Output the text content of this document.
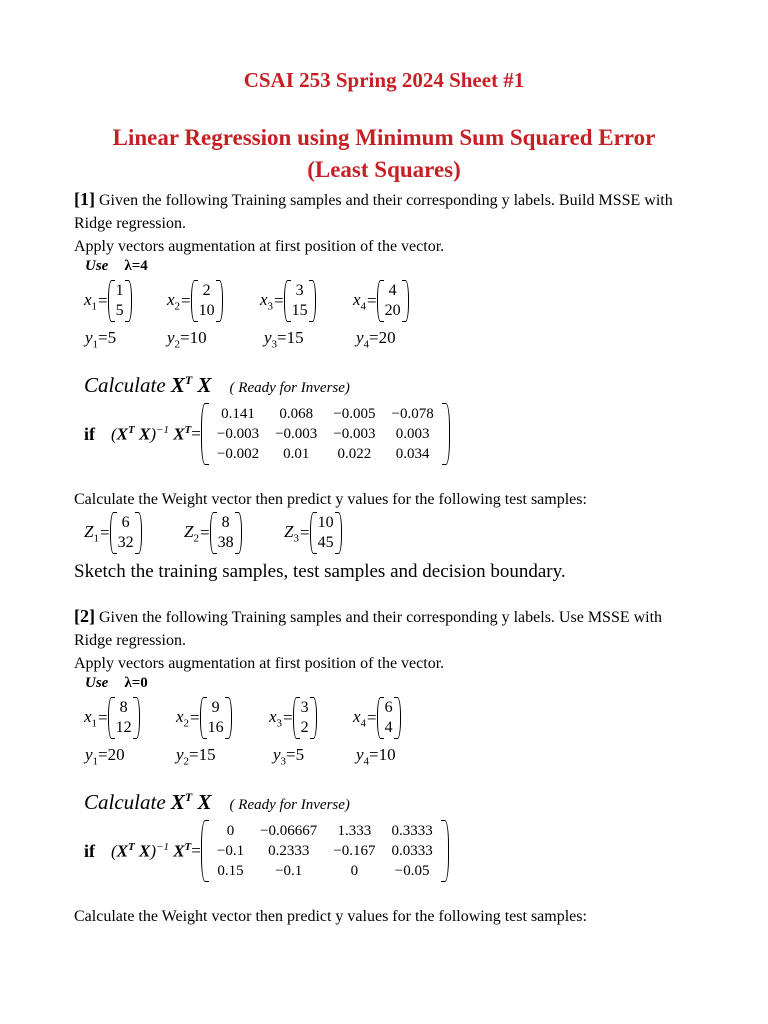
CSAI 253 Spring 2024 Sheet #1
Linear Regression using Minimum Sum Squared Error
(Least Squares)
[1] Given the following Training samples and their corresponding y labels. Build MSSE with Ridge regression.
Apply vectors augmentation at first position of the vector.
Use λ=4
$x_1$ =
1
5
$x_2$ =
2
10
$x_3$ =
3
15
$x_4$ =
4
20
$y_1=5$	$y_2=10$	$y_3=15$	$y_4=20$
Calculate $X^T$ X ( Ready for Inverse)
if ($X^T$ X)$^{-1}$ $X^T$ =
0.141	0.068	−0.005	−0.078
−0.003	−0.003	−0.003	0.003
−0.002	0.01	0.022	0.034
Calculate the Weight vector then predict y values for the following test samples:
$Z_1$ =
6
32
$Z_2$ =
8
38
$Z_3$ =
10
45
Sketch the training samples, test samples and decision boundary.
[2] Given the following Training samples and their corresponding y labels. Use MSSE with Ridge regression.
Apply vectors augmentation at first position of the vector.
Use λ=0
$x_1$ =
8
12
$x_2$ =
9
16
$x_3$ =
3
2
$x_4$ =
6
4
$y_1=20$	$y_2=15$	$y_3=5$	$y_4=10$
Calculate $X^T$ X ( Ready for Inverse)
if ($X^T$ X)$^{-1}$ $X^T$ =
0	−0.06667	1.333	0.3333
−0.1	0.2333	−0.167	0.0333
0.15	−0.1	0	−0.05
Calculate the Weight vector then predict y values for the following test samples:
